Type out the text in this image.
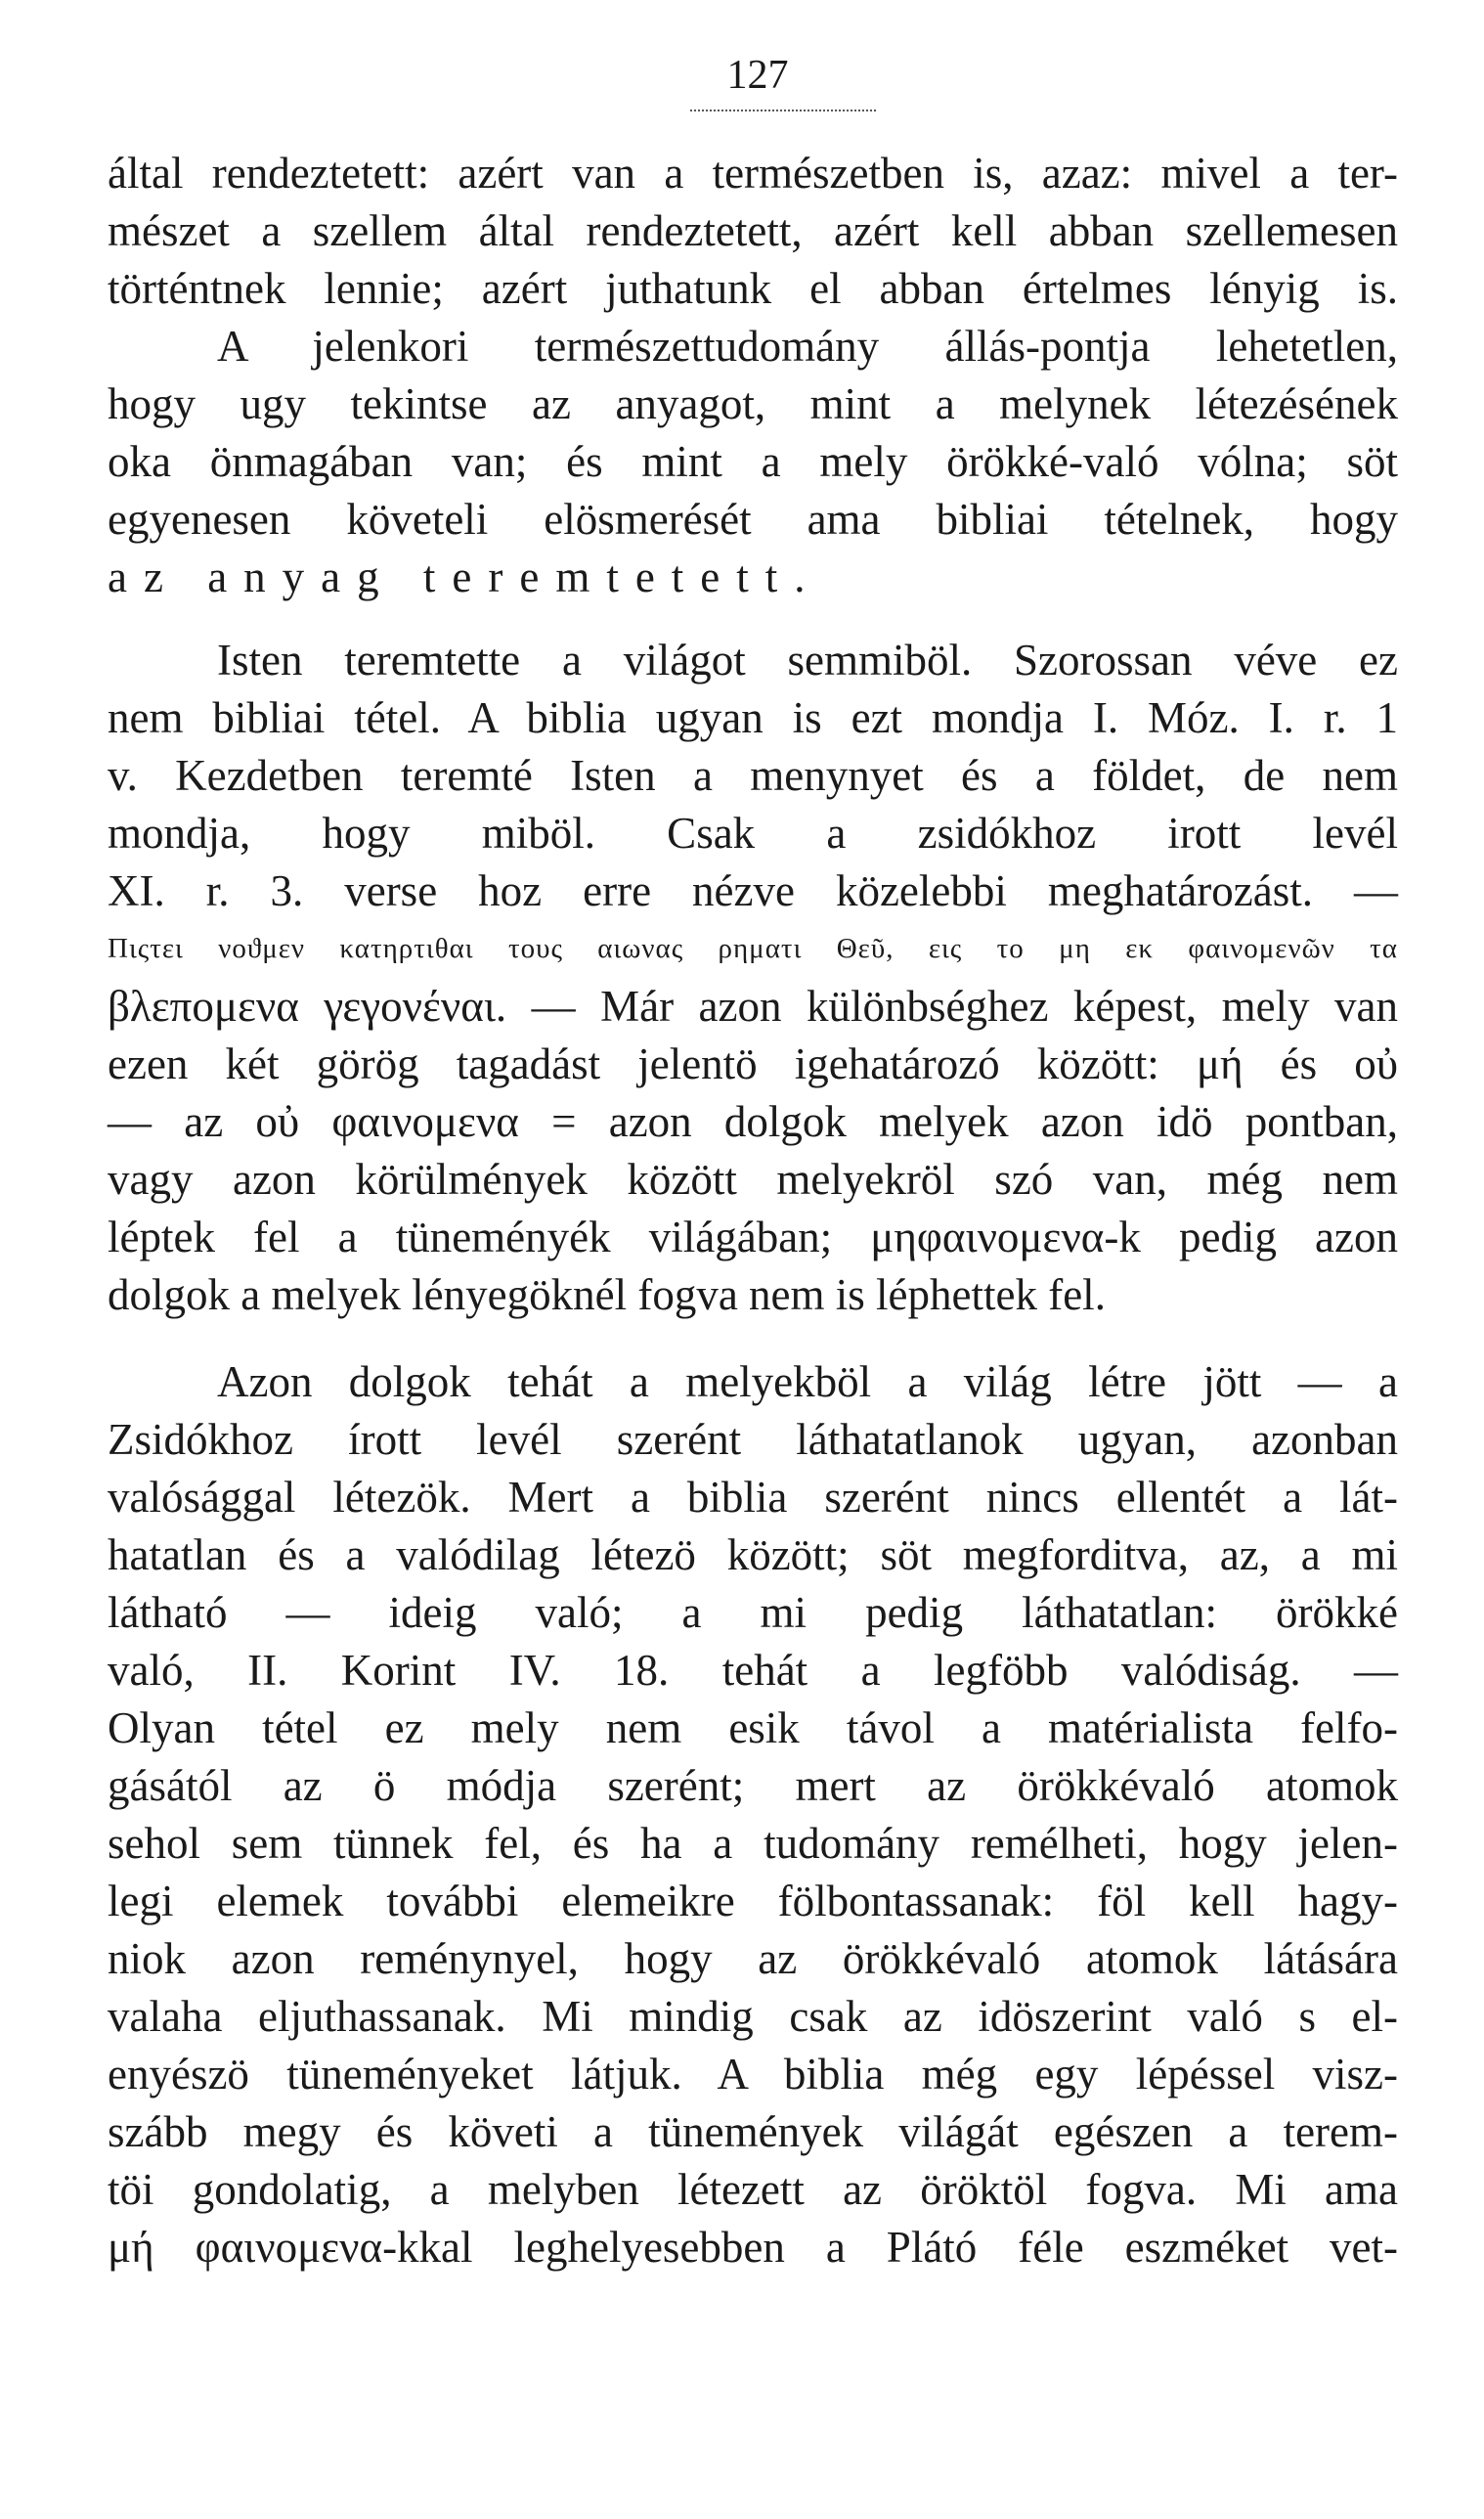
127
által rendeztetett: azért van a természetben is, azaz: mivel a ter-
mészet a szellem által rendeztetett, azért kell abban szellemesen
történtnek lennie; azért juthatunk el abban értelmes lényig is.
A jelenkori természettudomány állás-pontja lehetetlen,
hogy ugy tekintse az anyagot, mint a melynek létezésének
oka önmagában van; és mint a mely örökké-való vólna; söt
egyenesen követeli elösmerését ama bibliai tételnek, hogy
az anyag teremtetett.
Isten teremtette a világot semmiböl. Szorossan véve ez
nem bibliai tétel. A biblia ugyan is ezt mondja I. Móz. I. r. 1
v. Kezdetben teremté Isten a menynyet és a földet, de nem
mondja, hogy miböl. Csak a zsidókhoz irott levél
XI. r. 3. verse hoz erre nézve közelebbi meghatározást. —
Πιςτει νοϑμεν κατηρτιθαι τους αιωνας ρηματι Θεῦ, εις το μη εκ φαινομενῶν τα
βλεπομενα γεγονέναι. — Már azon különbséghez képest, mely van
ezen két görög tagadást jelentö igehatározó között: μή és οὐ
— az οὐ φαινομενα = azon dolgok melyek azon idö pontban,
vagy azon körülmények között melyekröl szó van, még nem
léptek fel a tüneményék világában; μηφαινομενα-k pedig azon
dolgok a melyek lényegöknél fogva nem is léphettek fel.
Azon dolgok tehát a melyekböl a világ létre jött — a
Zsidókhoz írott levél szerént láthatatlanok ugyan, azonban
valósággal létezök. Mert a biblia szerént nincs ellentét a lát-
hatatlan és a valódilag létezö között; söt megforditva, az, a mi
látható — ideig való; a mi pedig láthatatlan: örökké
való, II. Korint IV. 18. tehát a legföbb valódiság. —
Olyan tétel ez mely nem esik távol a matérialista felfo-
gásától az ö módja szerént; mert az örökkévaló atomok
sehol sem tünnek fel, és ha a tudomány remélheti, hogy jelen-
legi elemek további elemeikre fölbontassanak: föl kell hagy-
niok azon reménynyel, hogy az örökkévaló atomok látására
valaha eljuthassanak. Mi mindig csak az idöszerint való s el-
enyészö tüneményeket látjuk. A biblia még egy lépéssel visz-
szább megy és követi a tünemények világát egészen a terem-
töi gondolatig, a melyben létezett az öröktöl fogva. Mi ama
μή φαινομενα-kkal leghelyesebben a Plátó féle eszméket vet-
